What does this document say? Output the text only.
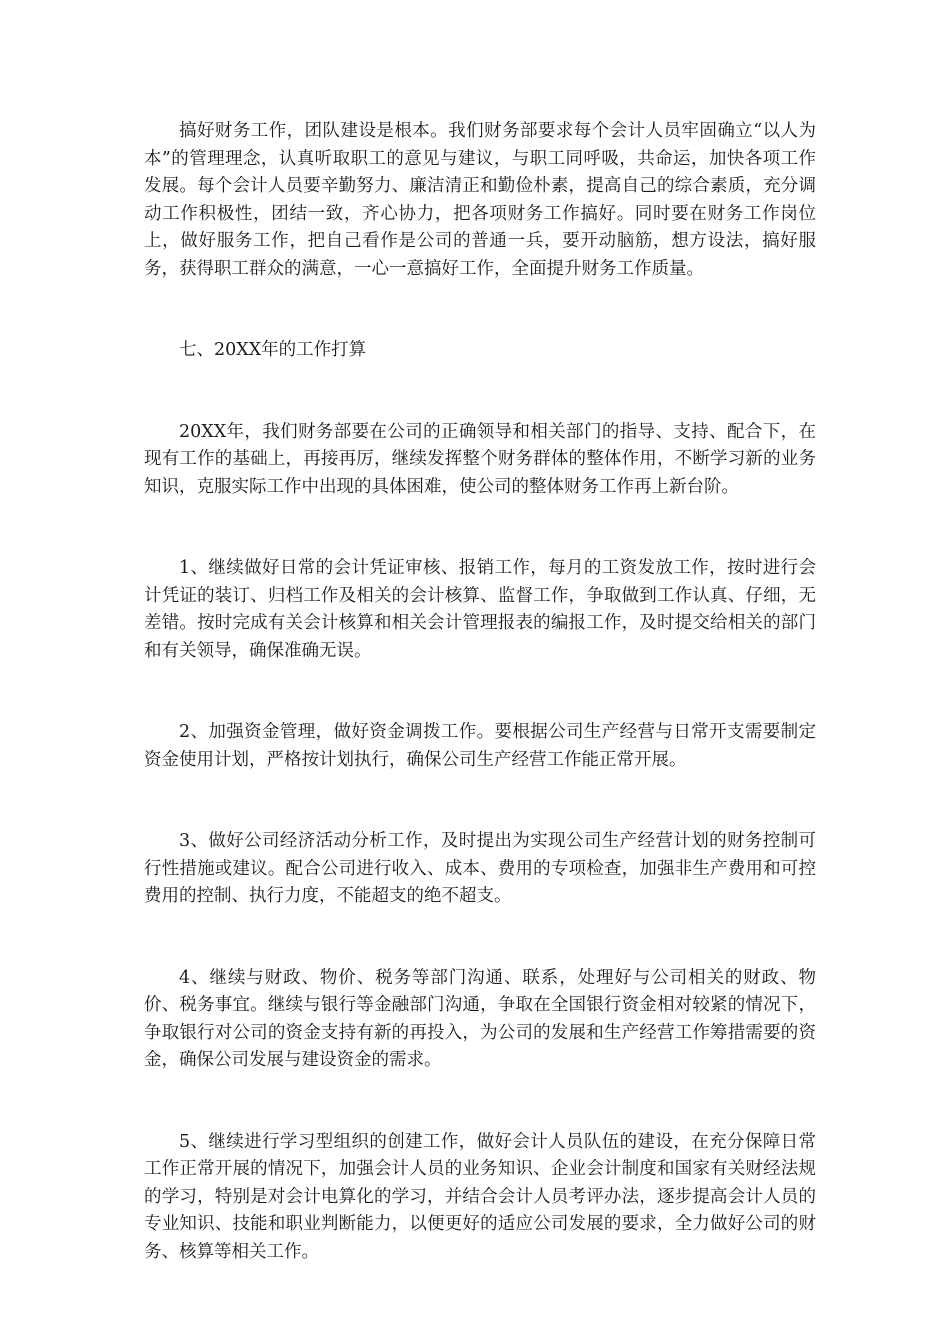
搞好财务工作，团队建设是根本。我们财务部要求每个会计人员牢固确立“以人为本”的管理理念，认真听取职工的意见与建议，与职工同呼吸，共命运，加快各项工作发展。每个会计人员要辛勤努力、廉洁清正和勤俭朴素，提高自己的综合素质，充分调动工作积极性，团结一致，齐心协力，把各项财务工作搞好。同时要在财务工作岗位上，做好服务工作，把自己看作是公司的普通一兵，要开动脑筋，想方设法，搞好服务，获得职工群众的满意，一心一意搞好工作，全面提升财务工作质量。

七、20XX年的工作打算

20XX年，我们财务部要在公司的正确领导和相关部门的指导、支持、配合下，在现有工作的基础上，再接再厉，继续发挥整个财务群体的整体作用，不断学习新的业务知识，克服实际工作中出现的具体困难，使公司的整体财务工作再上新台阶。

1、继续做好日常的会计凭证审核、报销工作，每月的工资发放工作，按时进行会计凭证的装订、归档工作及相关的会计核算、监督工作，争取做到工作认真、仔细，无差错。按时完成有关会计核算和相关会计管理报表的编报工作，及时提交给相关的部门和有关领导，确保准确无误。

2、加强资金管理，做好资金调拨工作。要根据公司生产经营与日常开支需要制定资金使用计划，严格按计划执行，确保公司生产经营工作能正常开展。

3、做好公司经济活动分析工作，及时提出为实现公司生产经营计划的财务控制可行性措施或建议。配合公司进行收入、成本、费用的专项检查，加强非生产费用和可控费用的控制、执行力度，不能超支的绝不超支。

4、继续与财政、物价、税务等部门沟通、联系，处理好与公司相关的财政、物价、税务事宜。继续与银行等金融部门沟通，争取在全国银行资金相对较紧的情况下，争取银行对公司的资金支持有新的再投入，为公司的发展和生产经营工作筹措需要的资金，确保公司发展与建设资金的需求。

5、继续进行学习型组织的创建工作，做好会计人员队伍的建设，在充分保障日常工作正常开展的情况下，加强会计人员的业务知识、企业会计制度和国家有关财经法规的学习，特别是对会计电算化的学习，并结合会计人员考评办法，逐步提高会计人员的专业知识、技能和职业判断能力，以便更好的适应公司发展的要求，全力做好公司的财务、核算等相关工作。
